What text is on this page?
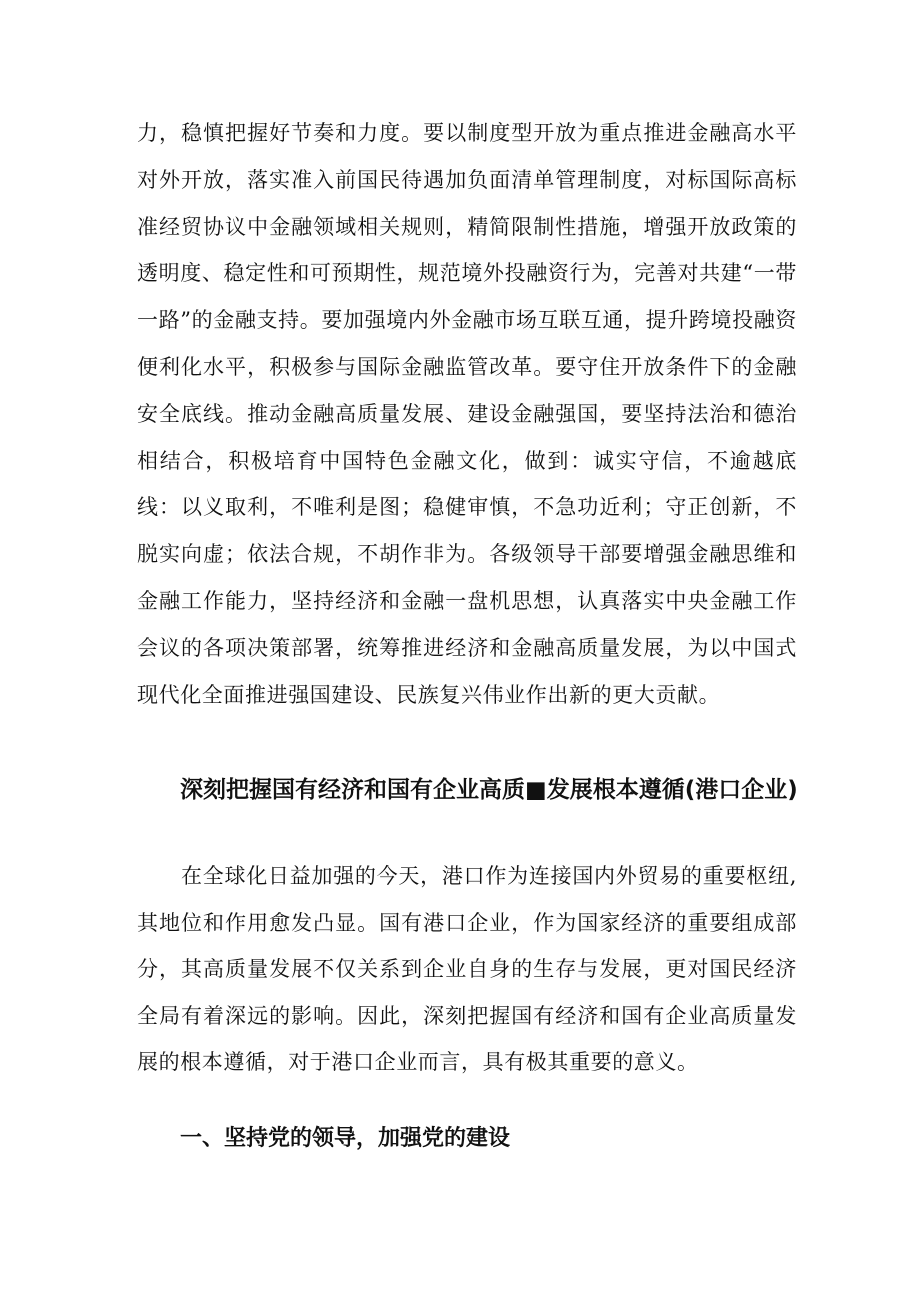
力，稳慎把握好节奏和力度。要以制度型开放为重点推进金融高水平对外开放，落实准入前国民待遇加负面清单管理制度，对标国际高标准经贸协议中金融领域相关规则，精简限制性措施，增强开放政策的透明度、稳定性和可预期性，规范境外投融资行为，完善对共建“一带一路”的金融支持。要加强境内外金融市场互联互通，提升跨境投融资便利化水平，积极参与国际金融监管改革。要守住开放条件下的金融安全底线。推动金融高质量发展、建设金融强国，要坚持法治和德治相结合，积极培育中国特色金融文化，做到：诚实守信，不逾越底线：以义取利，不唯利是图；稳健审慎，不急功近利；守正创新，不脱实向虚；依法合规，不胡作非为。各级领导干部要增强金融思维和金融工作能力，坚持经济和金融一盘机思想，认真落实中央金融工作会议的各项决策部署，统筹推进经济和金融高质量发展，为以中国式现代化全面推进强国建设、民族复兴伟业作出新的更大贡献。

深刻把握国有经济和国有企业高质■发展根本遵循(港口企业)

在全球化日益加强的今天，港口作为连接国内外贸易的重要枢纽,其地位和作用愈发凸显。国有港口企业，作为国家经济的重要组成部分，其高质量发展不仅关系到企业自身的生存与发展，更对国民经济全局有着深远的影响。因此，深刻把握国有经济和国有企业高质量发展的根本遵循，对于港口企业而言，具有极其重要的意义。

一、坚持党的领导，加强党的建设
